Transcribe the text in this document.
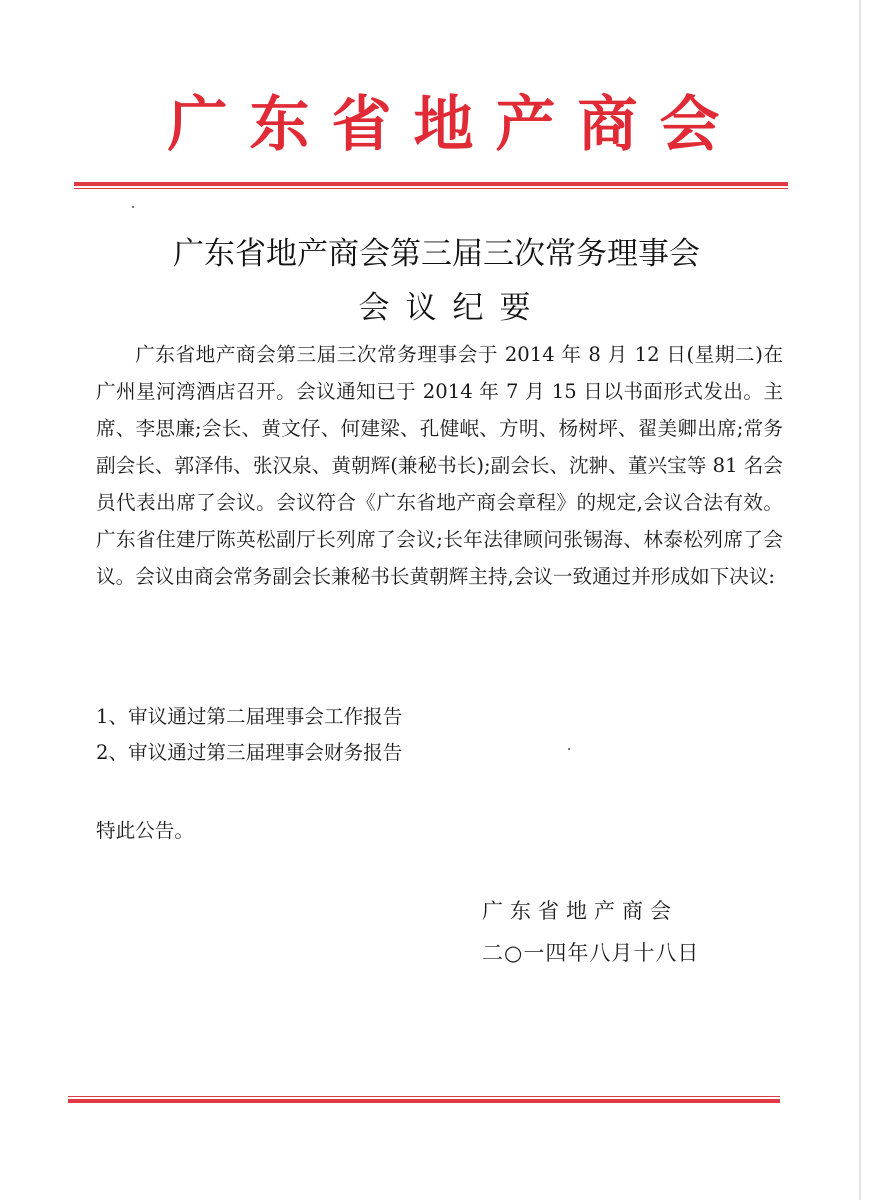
广东省地产商会
广东省地产商会第三届三次常务理事会
会议纪要

广东省地产商会第三届三次常务理事会于 2014 年 8 月 12 日(星期二)在广州星河湾酒店召开。会议通知已于 2014 年 7 月 15 日以书面形式发出。主席、李思廉;会长、黄文仔、何建梁、孔健岷、方明、杨树坪、翟美卿出席;常务副会长、郭泽伟、张汉泉、黄朝辉(兼秘书长);副会长、沈翀、董兴宝等 81 名会员代表出席了会议。会议符合《广东省地产商会章程》的规定,会议合法有效。广东省住建厅陈英松副厅长列席了会议;长年法律顾问张锡海、林泰松列席了会议。会议由商会常务副会长兼秘书长黄朝辉主持,会议一致通过并形成如下决议:

1、审议通过第二届理事会工作报告
2、审议通过第三届理事会财务报告
特此公告。
广东省地产商会
二○一四年八月十八日
